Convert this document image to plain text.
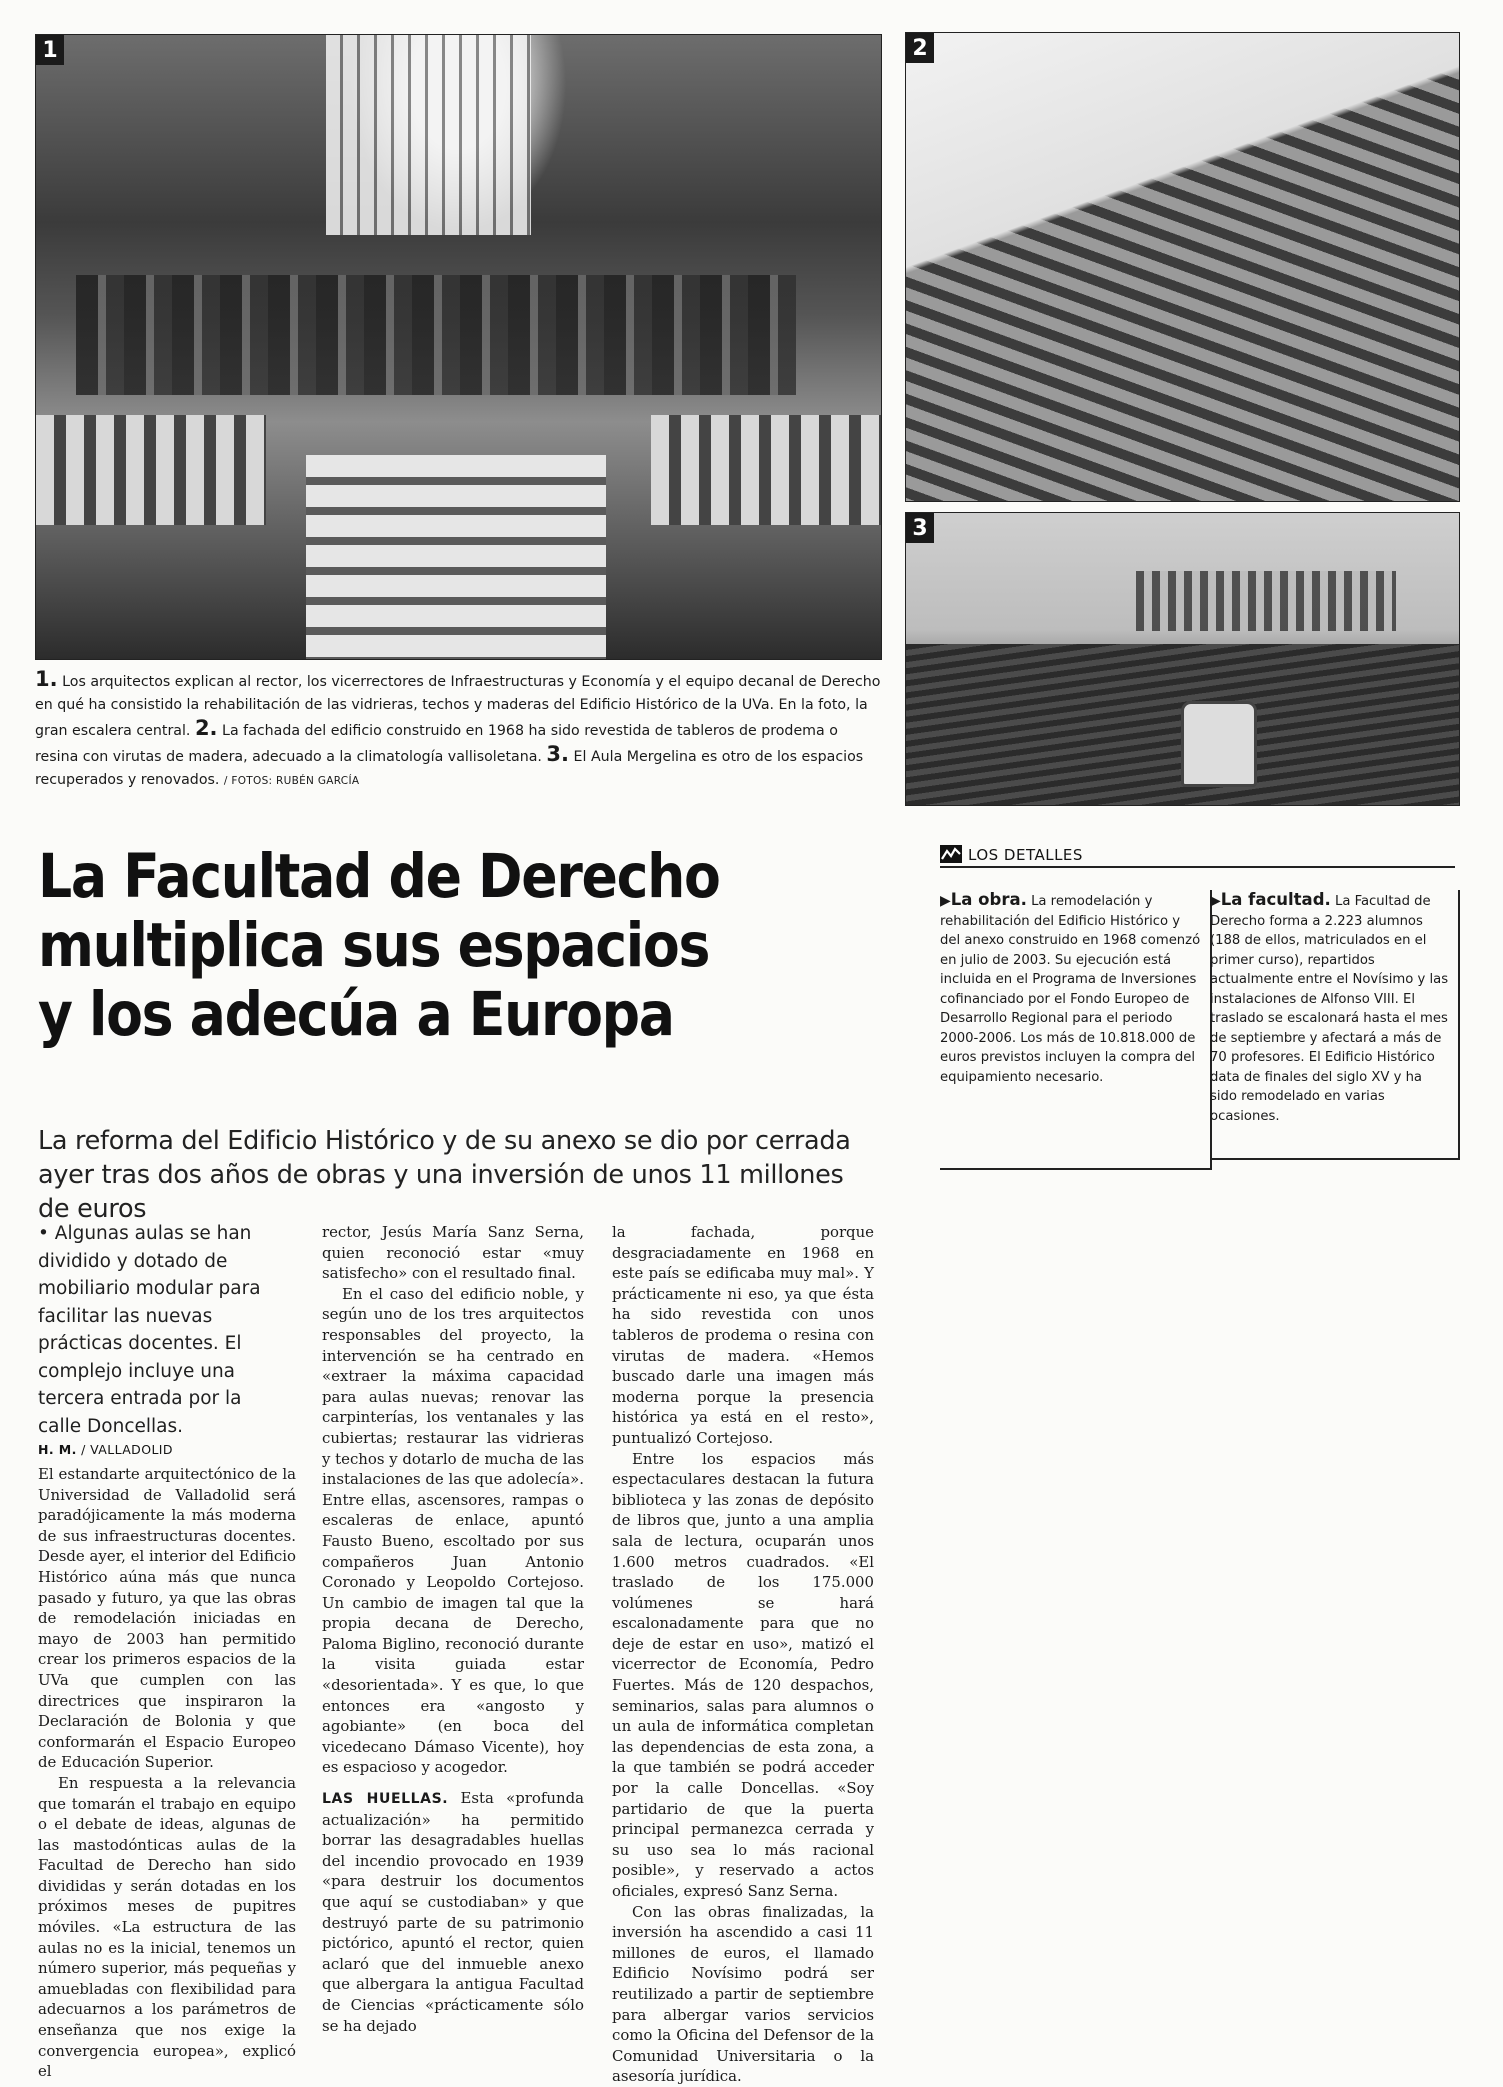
1	2
3
1. Los arquitectos explican al rector, los vicerrectores de Infraestructuras y Economía y el equipo decanal de Derecho en qué ha consistido la rehabilitación de las vidrieras, techos y maderas del Edificio Histórico de la UVa. En la foto, la gran escalera central. 2. La fachada del edificio construido en 1968 ha sido revestida de tableros de prodema o resina con virutas de madera, adecuado a la climatología vallisoletana. 3. El Aula Mergelina es otro de los espacios recuperados y renovados. / FOTOS: RUBÉN GARCÍA
La Facultad de Derecho
multiplica sus espacios
y los adecúa a Europa
La reforma del Edificio Histórico y de su anexo se dio por cerrada ayer tras dos años de obras y una inversión de unos 11 millones de euros
LOS DETALLES
▶La obra. La remodelación y rehabilitación del Edificio Histórico y del anexo construido en 1968 comenzó en julio de 2003. Su ejecución está incluida en el Programa de Inversiones cofinanciado por el Fondo Europeo de Desarrollo Regional para el periodo 2000-2006. Los más de 10.818.000 de euros previstos incluyen la compra del equipamiento necesario.
▶La facultad. La Facultad de Derecho forma a 2.223 alumnos (188 de ellos, matriculados en el primer curso), repartidos actualmente entre el Novísimo y las instalaciones de Alfonso VIII. El traslado se escalonará hasta el mes de septiembre y afectará a más de 70 profesores. El Edificio Histórico data de finales del siglo XV y ha sido remodelado en varias ocasiones.
• Algunas aulas se han dividido y dotado de mobiliario modular para facilitar las nuevas prácticas docentes. El complejo incluye una tercera entrada por la calle Doncellas.
H. M. / VALLADOLID

El estandarte arquitectónico de la Universidad de Valladolid será paradójicamente la más moderna de sus infraestructuras docentes. Desde ayer, el interior del Edificio Histórico aúna más que nunca pasado y futuro, ya que las obras de remodelación iniciadas en mayo de 2003 han permitido crear los primeros espacios de la UVa que cumplen con las directrices que inspiraron la Declaración de Bolonia y que conformarán el Espacio Europeo de Educación Superior.

En respuesta a la relevancia que tomarán el trabajo en equipo o el debate de ideas, algunas de las mastodónticas aulas de la Facultad de Derecho han sido divididas y serán dotadas en los próximos meses de pupitres móviles. «La estructura de las aulas no es la inicial, tenemos un número superior, más pequeñas y amuebladas con flexibilidad para adecuarnos a los parámetros de enseñanza que nos exige la convergencia europea», explicó el

rector, Jesús María Sanz Serna, quien reconoció estar «muy satisfecho» con el resultado final.

En el caso del edificio noble, y según uno de los tres arquitectos responsables del proyecto, la intervención se ha centrado en «extraer la máxima capacidad para aulas nuevas; renovar las carpinterías, los ventanales y las cubiertas; restaurar las vidrieras y techos y dotarlo de mucha de las instalaciones de las que adolecía». Entre ellas, ascensores, rampas o escaleras de enlace, apuntó Fausto Bueno, escoltado por sus compañeros Juan Antonio Coronado y Leopoldo Cortejoso. Un cambio de imagen tal que la propia decana de Derecho, Paloma Biglino, reconoció durante la visita guiada estar «desorientada». Y es que, lo que entonces era «angosto y agobiante» (en boca del vicedecano Dámaso Vicente), hoy es espacioso y acogedor.

LAS HUELLAS. Esta «profunda actualización» ha permitido borrar las desagradables huellas del incendio provocado en 1939 «para destruir los documentos que aquí se custodiaban» y que destruyó parte de su patrimonio pictórico, apuntó el rector, quien aclaró que del inmueble anexo que albergara la antigua Facultad de Ciencias «prácticamente sólo se ha dejado

la fachada, porque desgraciadamente en 1968 en este país se edificaba muy mal». Y prácticamente ni eso, ya que ésta ha sido revestida con unos tableros de prodema o resina con virutas de madera. «Hemos buscado darle una imagen más moderna porque la presencia histórica ya está en el resto», puntualizó Cortejoso.

Entre los espacios más espectaculares destacan la futura biblioteca y las zonas de depósito de libros que, junto a una amplia sala de lectura, ocuparán unos 1.600 metros cuadrados. «El traslado de los 175.000 volúmenes se hará escalonadamente para que no deje de estar en uso», matizó el vicerrector de Economía, Pedro Fuertes. Más de 120 despachos, seminarios, salas para alumnos o un aula de informática completan las dependencias de esta zona, a la que también se podrá acceder por la calle Doncellas. «Soy partidario de que la puerta principal permanezca cerrada y su uso sea lo más racional posible», y reservado a actos oficiales, expresó Sanz Serna.

Con las obras finalizadas, la inversión ha ascendido a casi 11 millones de euros, el llamado Edificio Novísimo podrá ser reutilizado a partir de septiembre para albergar varios servicios como la Oficina del Defensor de la Comunidad Universitaria o la asesoría jurídica.
